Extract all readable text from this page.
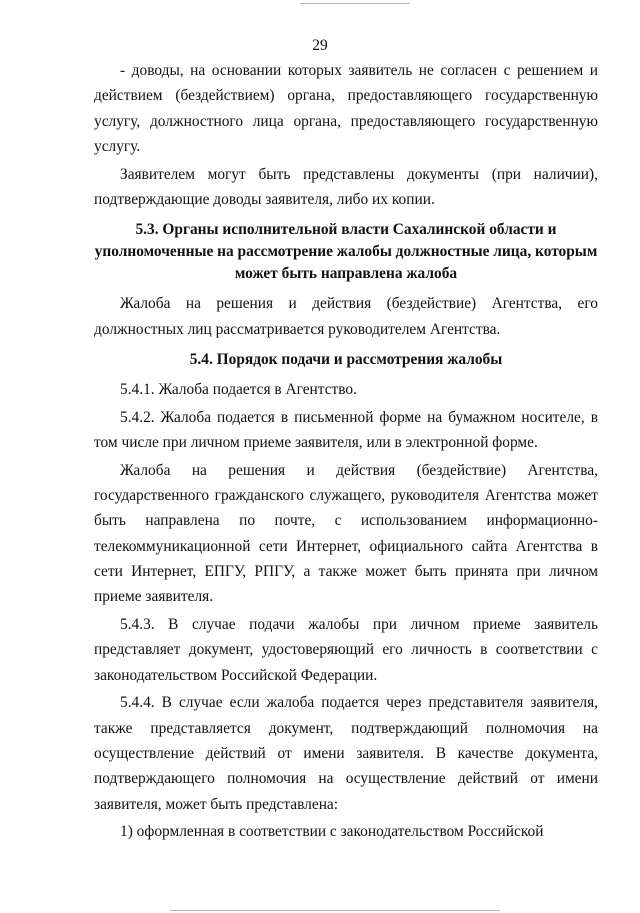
29

- доводы, на основании которых заявитель не согласен с решением и действием (бездействием) органа, предоставляющего государственную услугу, должностного лица органа, предоставляющего государственную услугу.

Заявителем могут быть представлены документы (при наличии), подтверждающие доводы заявителя, либо их копии.

5.3. Органы исполнительной власти Сахалинской области и уполномоченные на рассмотрение жалобы должностные лица, которым может быть направлена жалоба

Жалоба на решения и действия (бездействие) Агентства, его должностных лиц рассматривается руководителем Агентства.

5.4. Порядок подачи и рассмотрения жалобы

5.4.1. Жалоба подается в Агентство.

5.4.2. Жалоба подается в письменной форме на бумажном носителе, в том числе при личном приеме заявителя, или в электронной форме.

Жалоба на решения и действия (бездействие) Агентства, государственного гражданского служащего, руководителя Агентства может быть направлена по почте, с использованием информационно-телекоммуникационной сети Интернет, официального сайта Агентства в сети Интернет, ЕПГУ, РПГУ, а также может быть принята при личном приеме заявителя.

5.4.3. В случае подачи жалобы при личном приеме заявитель представляет документ, удостоверяющий его личность в соответствии с законодательством Российской Федерации.

5.4.4. В случае если жалоба подается через представителя заявителя, также представляется документ, подтверждающий полномочия на осуществление действий от имени заявителя. В качестве документа, подтверждающего полномочия на осуществление действий от имени заявителя, может быть представлена:

1) оформленная в соответствии с законодательством Российской
